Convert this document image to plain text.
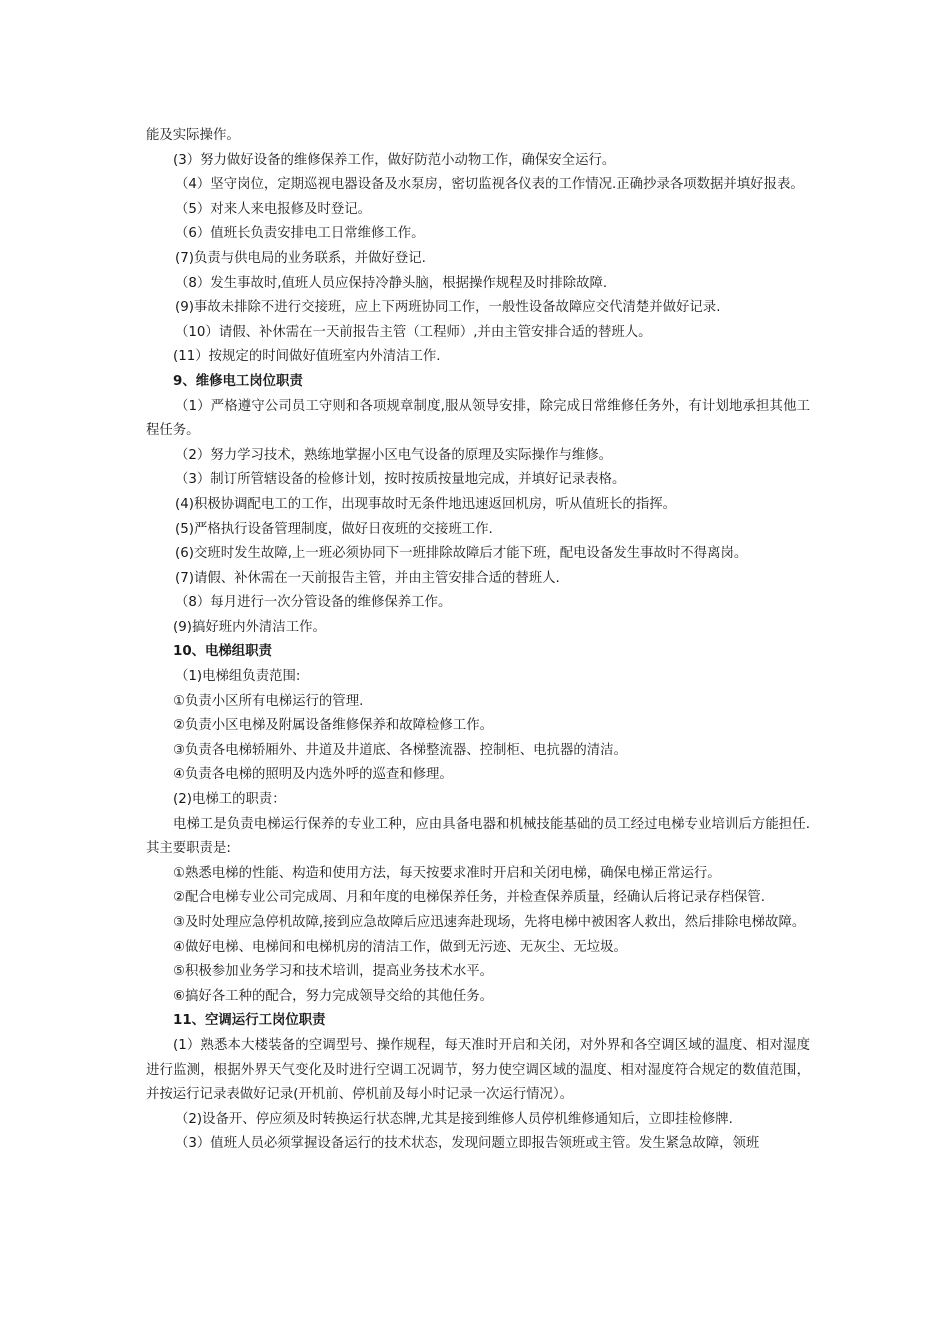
能及实际操作。

(3）努力做好设备的维修保养工作，做好防范小动物工作，确保安全运行。

（4）坚守岗位，定期巡视电器设备及水泵房，密切监视各仪表的工作情况.正确抄录各项数据并填好报表。

（5）对来人来电报修及时登记。

（6）值班长负责安排电工日常维修工作。

(7)负责与供电局的业务联系，并做好登记.

（8）发生事故时,值班人员应保持冷静头脑，根据操作规程及时排除故障.

(9)事故未排除不进行交接班，应上下两班协同工作，一般性设备故障应交代清楚并做好记录.

（10）请假、补休需在一天前报告主管（工程师）,并由主管安排合适的替班人。

(11）按规定的时间做好值班室内外清洁工作.

9、维修电工岗位职责

（1）严格遵守公司员工守则和各项规章制度,服从领导安排，除完成日常维修任务外，有计划地承担其他工程任务。

（2）努力学习技术，熟练地掌握小区电气设备的原理及实际操作与维修。

（3）制订所管辖设备的检修计划，按时按质按量地完成，并填好记录表格。

(4)积极协调配电工的工作，出现事故时无条件地迅速返回机房，听从值班长的指挥。

(5)严格执行设备管理制度，做好日夜班的交接班工作.

(6)交班时发生故障,上一班必须协同下一班排除故障后才能下班，配电设备发生事故时不得离岗。

(7)请假、补休需在一天前报告主管，并由主管安排合适的替班人.

（8）每月进行一次分管设备的维修保养工作。

(9)搞好班内外清洁工作。

10、电梯组职责

（1)电梯组负责范围:

①负责小区所有电梯运行的管理.

②负责小区电梯及附属设备维修保养和故障检修工作。

③负责各电梯轿厢外、井道及井道底、各梯整流器、控制柜、电抗器的清洁。

④负责各电梯的照明及内选外呼的巡查和修理。

(2)电梯工的职责：

电梯工是负责电梯运行保养的专业工种，应由具备电器和机械技能基础的员工经过电梯专业培训后方能担任.其主要职责是:

①熟悉电梯的性能、构造和使用方法，每天按要求准时开启和关闭电梯，确保电梯正常运行。

②配合电梯专业公司完成周、月和年度的电梯保养任务，并检查保养质量，经确认后将记录存档保管.

③及时处理应急停机故障,接到应急故障后应迅速奔赴现场，先将电梯中被困客人救出，然后排除电梯故障。

④做好电梯、电梯间和电梯机房的清洁工作，做到无污迹、无灰尘、无垃圾。

⑤积极参加业务学习和技术培训，提高业务技术水平。

⑥搞好各工种的配合，努力完成领导交给的其他任务。

11、空调运行工岗位职责

(1）熟悉本大楼装备的空调型号、操作规程，每天准时开启和关闭，对外界和各空调区域的温度、相对湿度进行监测，根据外界天气变化及时进行空调工况调节，努力使空调区域的温度、相对湿度符合规定的数值范围，并按运行记录表做好记录(开机前、停机前及每小时记录一次运行情况）。

（2)设备开、停应须及时转换运行状态牌,尤其是接到维修人员停机维修通知后，立即挂检修牌.

（3）值班人员必须掌握设备运行的技术状态，发现问题立即报告领班或主管。发生紧急故障，领班
